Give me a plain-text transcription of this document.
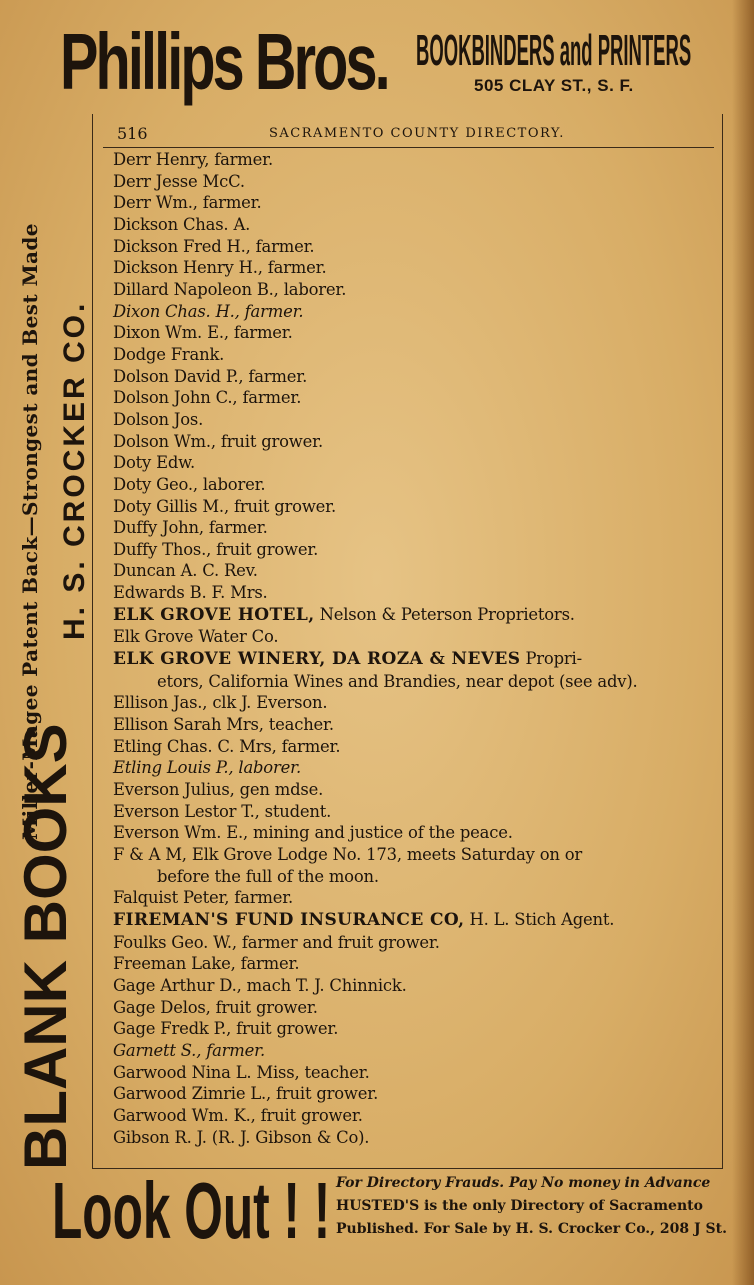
Phillips Bros. BOOKBINDERS and PRINTERS
505 CLAY ST., S. F.
Miller-Magee Patent Back—Strongest and Best Made H. S. CROCKER CO.
BLANK BOOKS
516	SACRAMENTO COUNTY DIRECTORY.
Derr Henry, farmer.
Derr Jesse McC.
Derr Wm., farmer.
Dickson Chas. A.
Dickson Fred H., farmer.
Dickson Henry H., farmer.
Dillard Napoleon B., laborer.
Dixon Chas. H., farmer.
Dixon Wm. E., farmer.
Dodge Frank.
Dolson David P., farmer.
Dolson John C., farmer.
Dolson Jos.
Dolson Wm., fruit grower.
Doty Edw.
Doty Geo., laborer.
Doty Gillis M., fruit grower.
Duffy John, farmer.
Duffy Thos., fruit grower.
Duncan A. C. Rev.
Edwards B. F. Mrs.
ELK GROVE HOTEL, Nelson & Peterson Proprietors.
Elk Grove Water Co.
ELK GROVE WINERY, DA ROZA & NEVES Propri-
etors, California Wines and Brandies, near depot (see adv).
Ellison Jas., clk J. Everson.
Ellison Sarah Mrs, teacher.
Etling Chas. C. Mrs, farmer.
Etling Louis P., laborer.
Everson Julius, gen mdse.
Everson Lestor T., student.
Everson Wm. E., mining and justice of the peace.
F & A M, Elk Grove Lodge No. 173, meets Saturday on or
before the full of the moon.
Falquist Peter, farmer.
FIREMAN'S FUND INSURANCE CO, H. L. Stich Agent.
Foulks Geo. W., farmer and fruit grower.
Freeman Lake, farmer.
Gage Arthur D., mach T. J. Chinnick.
Gage Delos, fruit grower.
Gage Fredk P., fruit grower.
Garnett S., farmer.
Garwood Nina L. Miss, teacher.
Garwood Zimrie L., fruit grower.
Garwood Wm. K., fruit grower.
Gibson R. J. (R. J. Gibson & Co).
Look Out ! ! For Directory Frauds. Pay No money in Advance
HUSTED'S is the only Directory of Sacramento
Published. For Sale by H. S. Crocker Co., 208 J St.
